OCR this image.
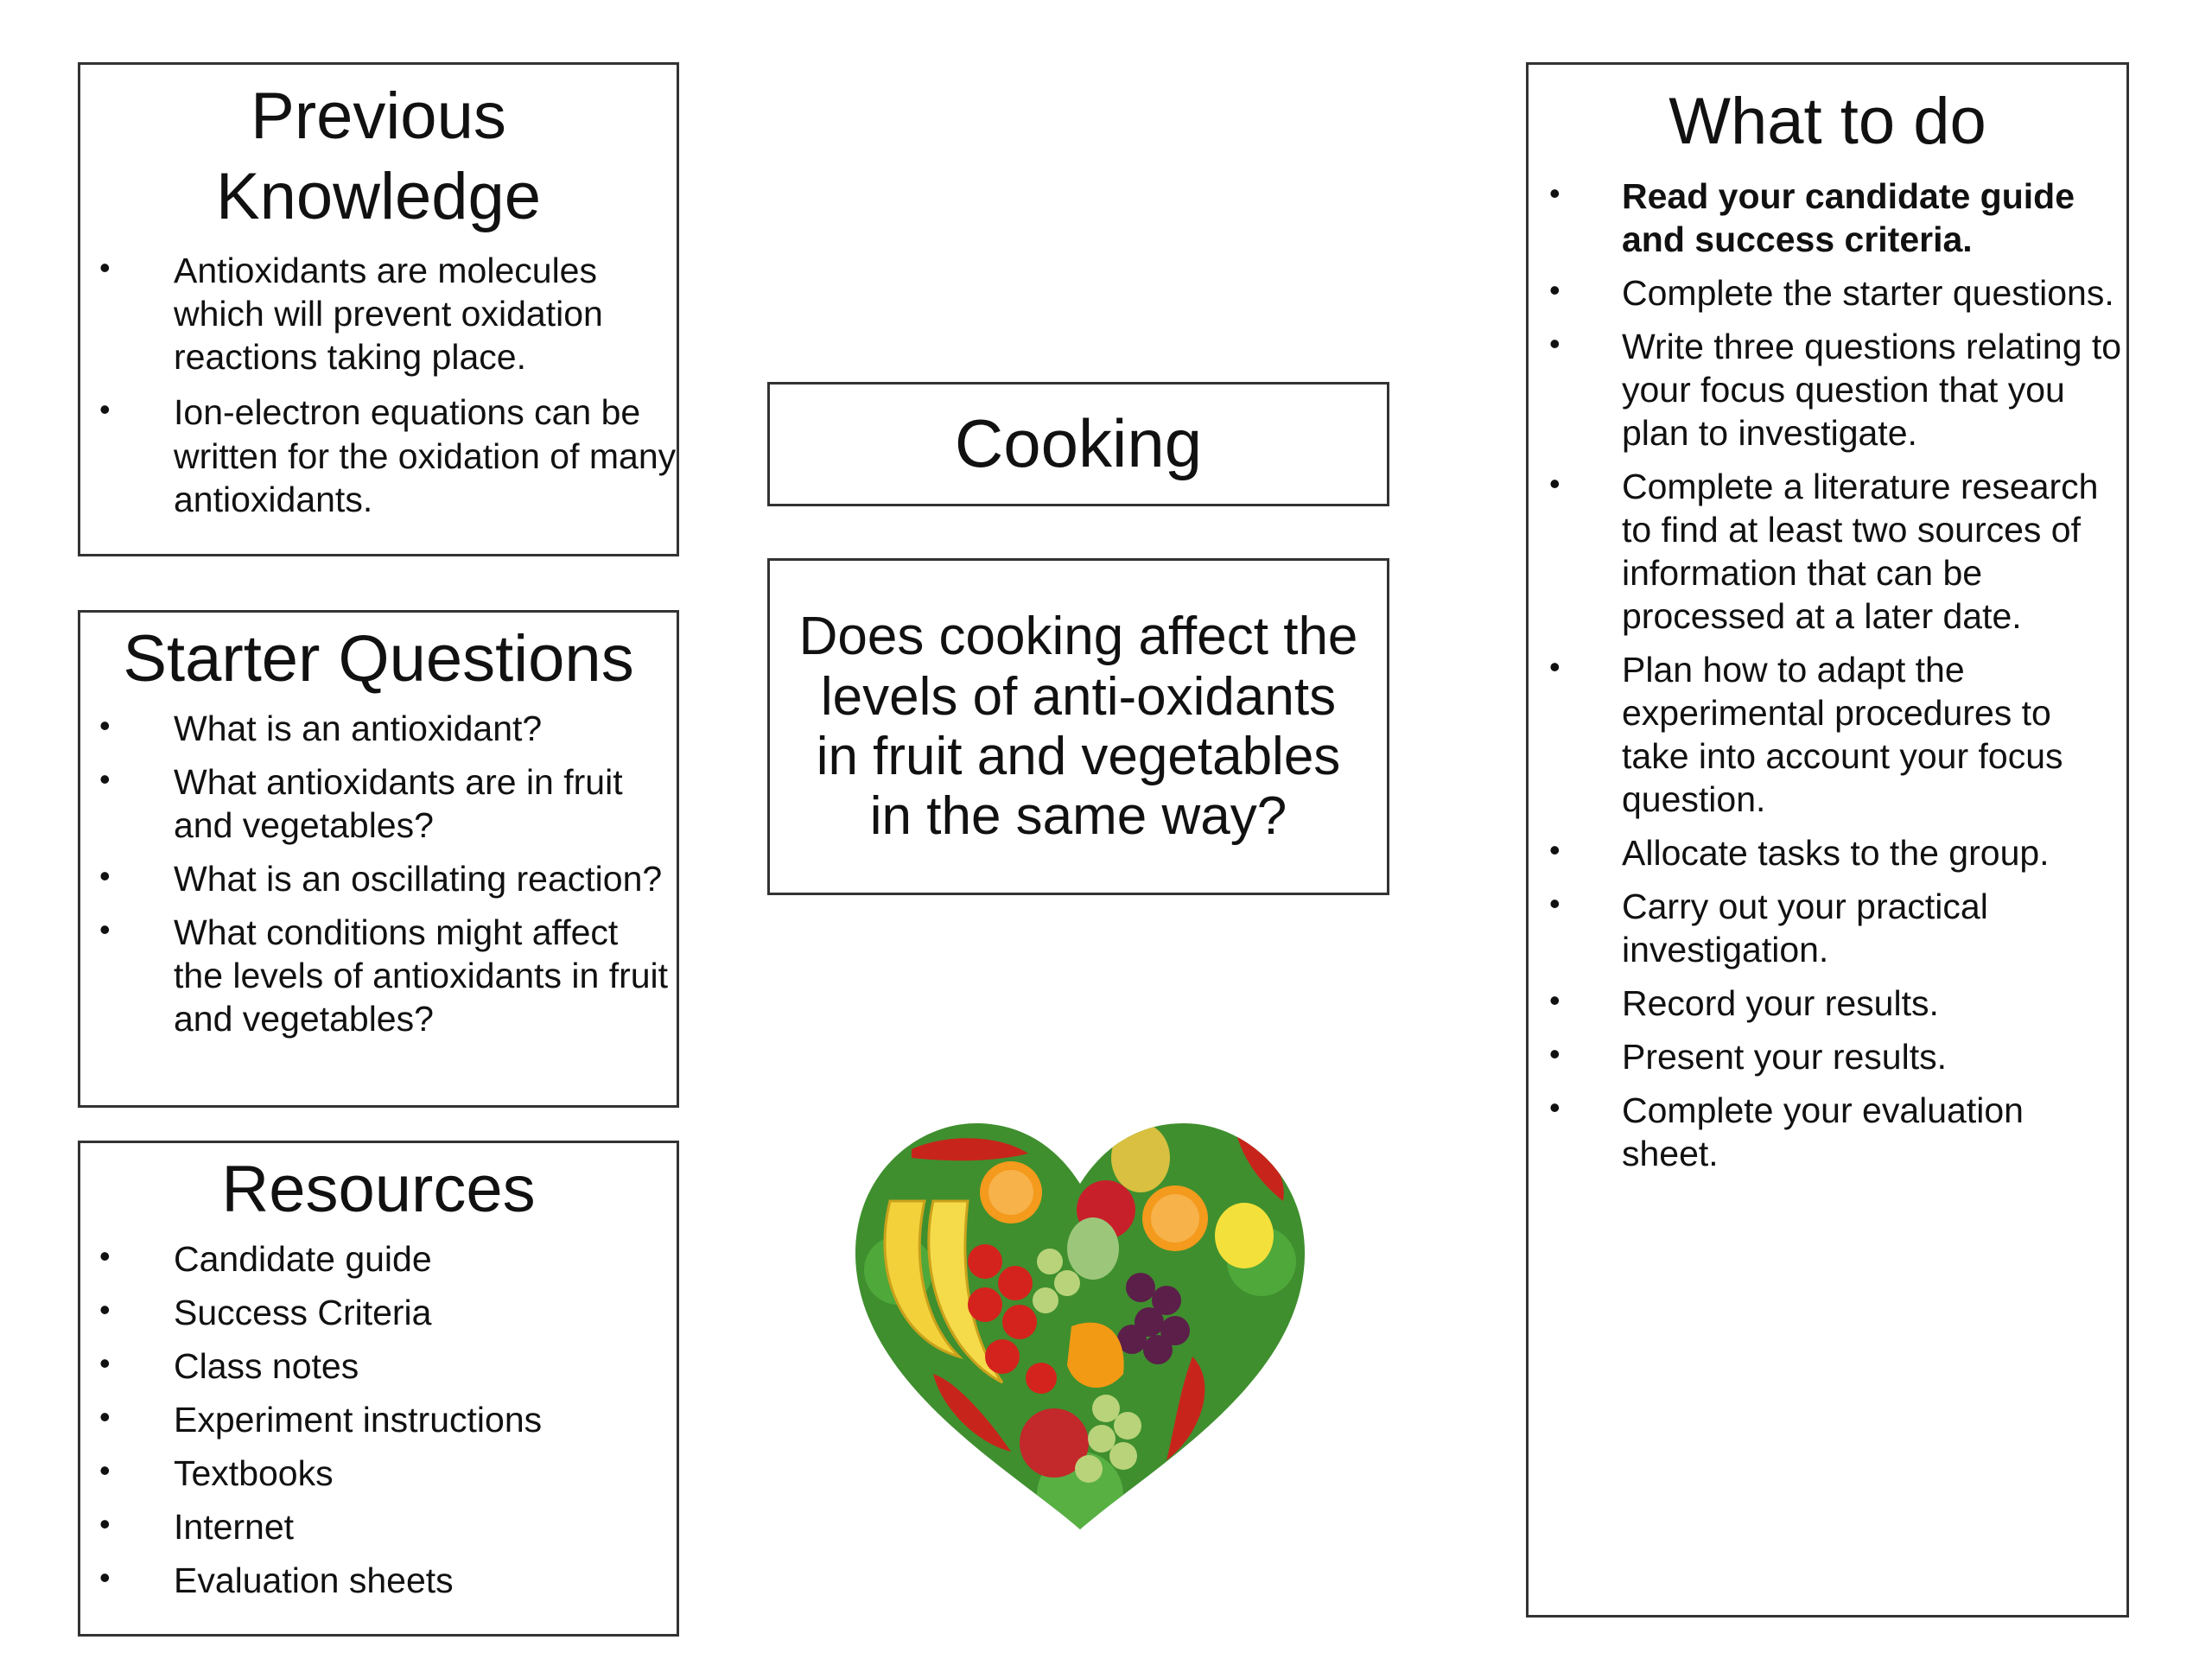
Previous Knowledge
• Antioxidants are molecules which will prevent oxidation reactions taking place.
• Ion-electron equations can be written for the oxidation of many antioxidants.
Starter Questions
• What is an antioxidant?
• What antioxidants are in fruit and vegetables?
• What is an oscillating reaction?
• What conditions might affect the levels of antioxidants in fruit and vegetables?
Resources
• Candidate guide
• Success Criteria
• Class notes
• Experiment instructions
• Textbooks
• Internet
• Evaluation sheets
Cooking
Does cooking affect the levels of anti-oxidants in fruit and vegetables in the same way?
What to do
• Read your candidate guide and success criteria.
• Complete the starter questions.
• Write three questions relating to your focus question that you plan to investigate.
• Complete a literature research to find at least two sources of information that can be processed at a later date.
• Plan how to adapt the experimental procedures to take into account your focus question.
• Allocate tasks to the group.
• Carry out your practical investigation.
• Record your results.
• Present your results.
• Complete your evaluation sheet.
